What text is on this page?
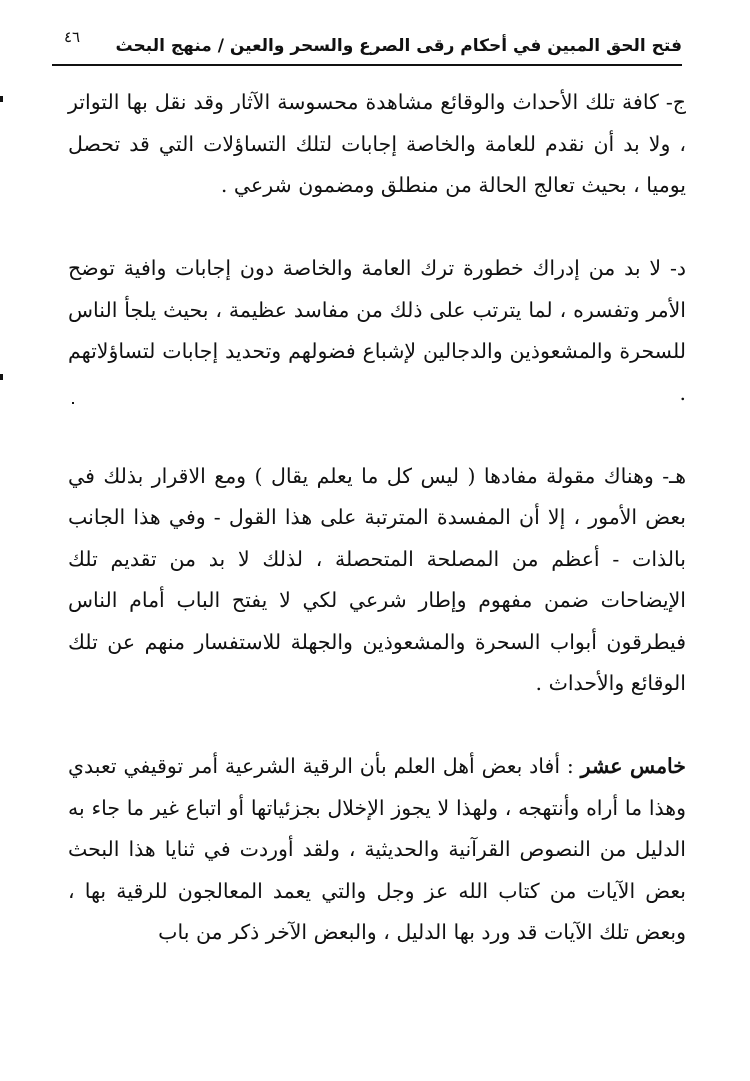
٤٦ فتح الحق المبين في أحكام رقى الصرع والسحر والعين / منهج البحث

ج- كافة تلك الأحداث والوقائع مشاهدة محسوسة الآثار وقد نقل بها التواتر ، ولا بد أن نقدم للعامة والخاصة إجابات لتلك التساؤلات التي قد تحصل يوميا ، بحيث تعالج الحالة من منطلق ومضمون شرعي .

د- لا بد من إدراك خطورة ترك العامة والخاصة دون إجابات وافية توضح الأمر وتفسره ، لما يترتب على ذلك من مفاسد عظيمة ، بحيث يلجأ الناس للسحرة والمشعوذين والدجالين لإشباع فضولهم وتحديد إجابات لتساؤلاتهم .

هـ- وهناك مقولة مفادها ( ليس كل ما يعلم يقال ) ومع الاقرار بذلك في بعض الأمور ، إلا أن المفسدة المترتبة على هذا القول - وفي هذا الجانب بالذات - أعظم من المصلحة المتحصلة ، لذلك لا بد من تقديم تلك الإيضاحات ضمن مفهوم وإطار شرعي لكي لا يفتح الباب أمام الناس فيطرقون أبواب السحرة والمشعوذين والجهلة للاستفسار منهم عن تلك الوقائع والأحداث .

خامس عشر : أفاد بعض أهل العلم بأن الرقية الشرعية أمر توقيفي تعبدي وهذا ما أراه وأنتهجه ، ولهذا لا يجوز الإخلال بجزئياتها أو اتباع غير ما جاء به الدليل من النصوص القرآنية والحديثية ، ولقد أوردت في ثنايا هذا البحث بعض الآيات من كتاب الله عز وجل والتي يعمد المعالجون للرقية بها ، وبعض تلك الآيات قد ورد بها الدليل ، والبعض الآخر ذكر من باب
